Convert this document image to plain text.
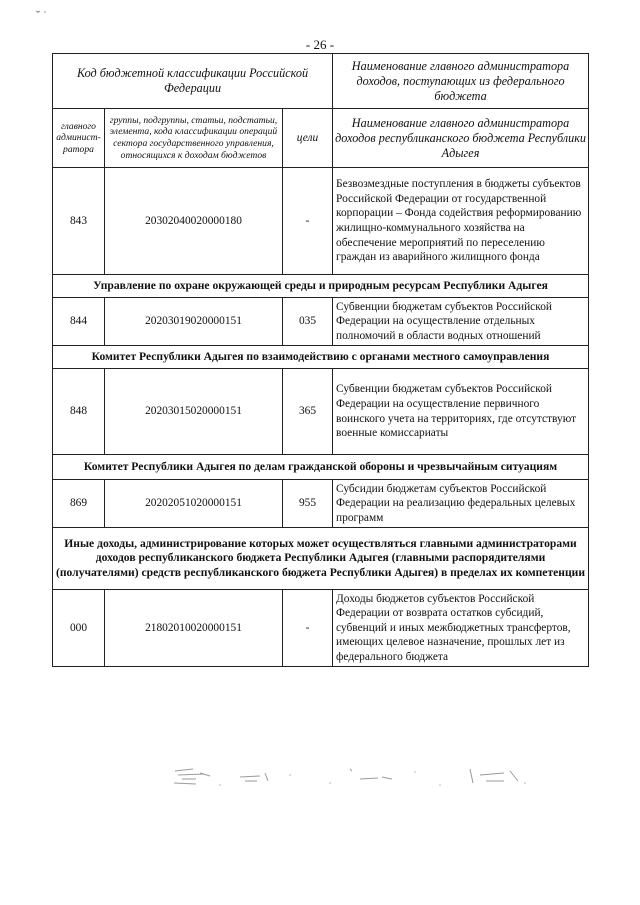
ˇ ˙
- 26 -
Код бюджетной классификации Российской Федерации			Наименование главного администратора доходов, поступающих из федерального бюджета
главного админист-ратора	группы, подгруппы, статьи, подстатьи, элемента, кода классификации операций сектора государственного управления, относящихся к доходам бюджетов	цели	Наименование главного администратора доходов республиканского бюджета Республики Адыгея
843	20302040020000180	-	Безвозмездные поступления в бюджеты субъектов Российской Федерации от государственной корпорации – Фонда содействия реформированию жилищно-коммунального хозяйства на обеспечение мероприятий по переселению граждан из аварийного жилищного фонда
Управление по охране окружающей среды и природным ресурсам Республики Адыгея			
844	20203019020000151	035	Субвенции бюджетам субъектов Российской Федерации на осуществление отдельных полномочий в области водных отношений
Комитет Республики Адыгея по взаимодействию с органами местного самоуправления			
848	20203015020000151	365	Субвенции бюджетам субъектов Российской Федерации на осуществление первичного воинского учета на территориях, где отсутствуют военные комиссариаты
Комитет Республики Адыгея по делам гражданской обороны и чрезвычайным ситуациям			
869	20202051020000151	955	Субсидии бюджетам субъектов Российской Федерации на реализацию федеральных целевых программ
Иные доходы, администрирование которых может осуществляться главными администраторами доходов республиканского бюджета Республики Адыгея (главными распорядителями (получателями) средств республиканского бюджета Республики Адыгея) в пределах их компетенции			
000	21802010020000151	-	Доходы бюджетов субъектов Российской Федерации от возврата остатков субсидий, субвенций и иных межбюджетных трансфертов, имеющих целевое назначение, прошлых лет из федерального бюджета
